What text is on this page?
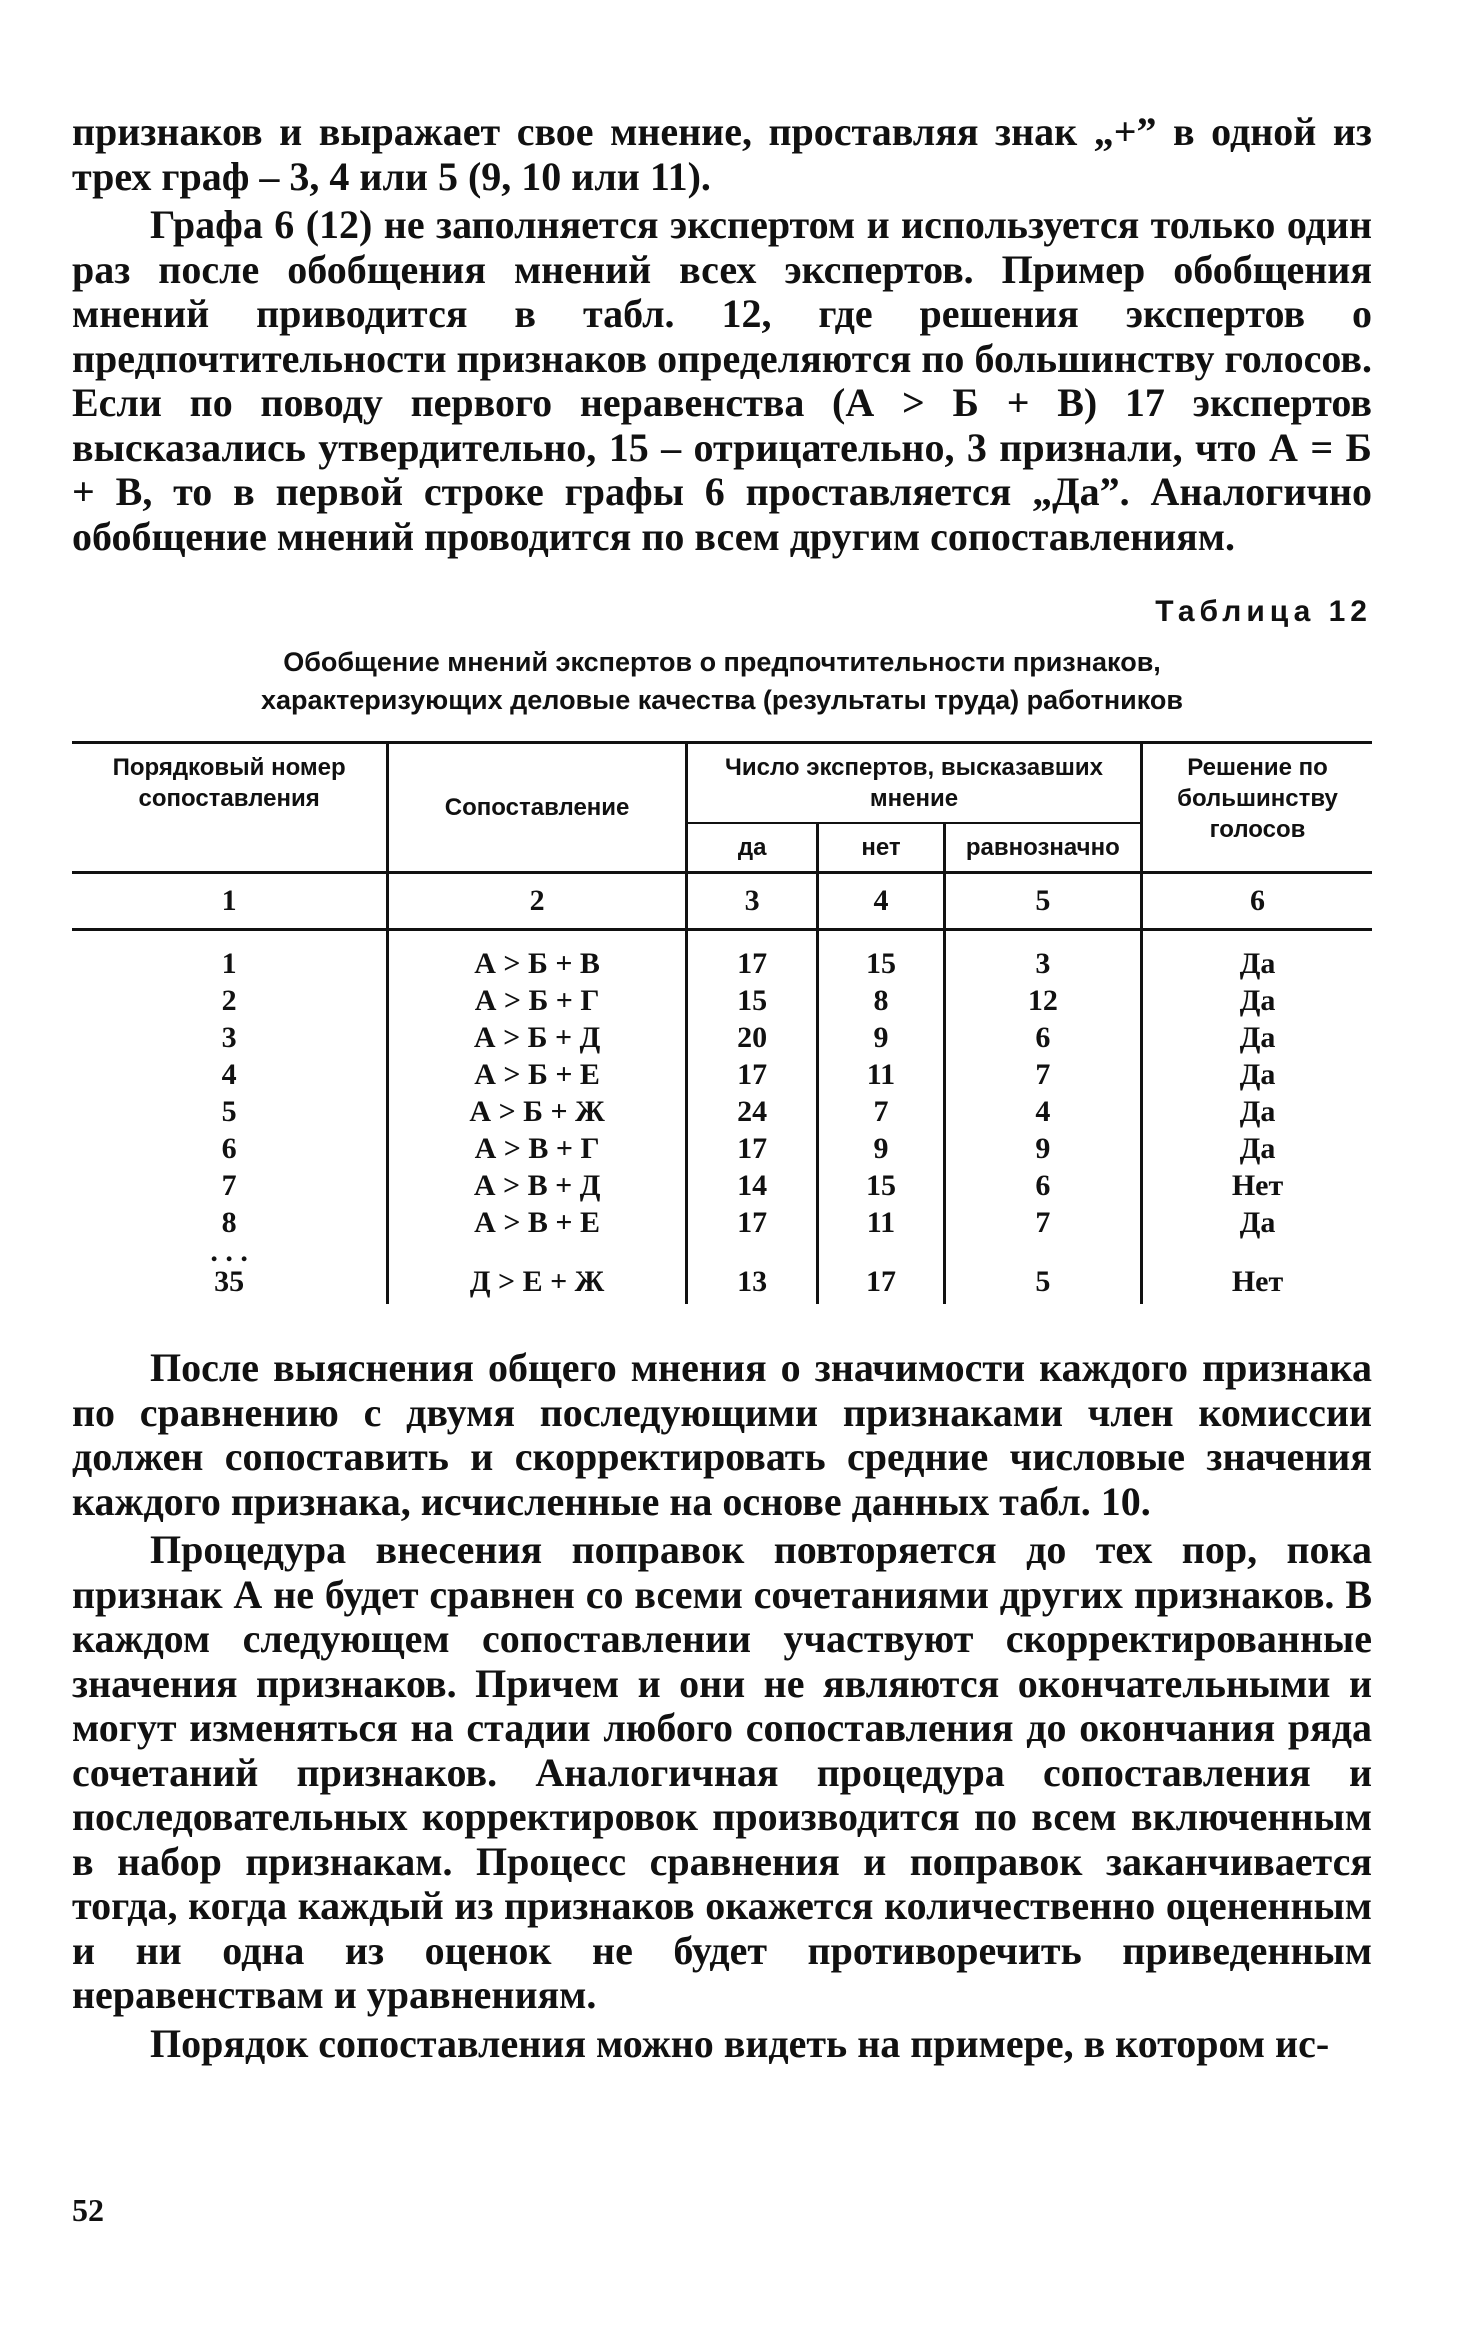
признаков и выражает свое мнение, проставляя знак „+” в одной из трех граф – 3, 4 или 5 (9, 10 или 11).

Графа 6 (12) не заполняется экспертом и используется только один раз после обобщения мнений всех экспертов. Пример обобщения мнений приводится в табл. 12, где решения экспертов о предпочтительности признаков определяются по большинству голосов. Если по поводу первого неравенства (А > Б + В) 17 экспертов высказались утвердительно, 15 – отрицательно, 3 признали, что А = Б + В, то в первой строке графы 6 проставляется „Да”. Аналогично обобщение мнений проводится по всем другим сопоставлениям.

Таблица 12
Обобщение мнений экспертов о предпочтительности признаков,
характеризующих деловые качества (результаты труда) работников
Порядковый номер сопоставления	Сопоставление	Число экспертов, высказавших мнение			Решение по большинству голосов
		да	нет	равнозначно	
1	2	3	4	5	6
1	А > Б + В	17	15	3	Да
2	А > Б + Г	15	8	12	Да
3	А > Б + Д	20	9	6	Да
4	А > Б + Е	17	11	7	Да
5	А > Б + Ж	24	7	4	Да
6	А > В + Г	17	9	9	Да
7	А > В + Д	14	15	6	Нет
8	А > В + Е	17	11	7	Да
. . .					
35	Д > Е + Ж	13	17	5	Нет

После выяснения общего мнения о значимости каждого признака по сравнению с двумя последующими признаками член комиссии должен сопоставить и скорректировать средние числовые значения каждого признака, исчисленные на основе данных табл. 10.

Процедура внесения поправок повторяется до тех пор, пока признак А не будет сравнен со всеми сочетаниями других признаков. В каждом следующем сопоставлении участвуют скорректированные значения признаков. Причем и они не являются окончательными и могут изменяться на стадии любого сопоставления до окончания ряда сочетаний признаков. Аналогичная процедура сопоставления и последовательных корректировок производится по всем включенным в набор признакам. Процесс сравнения и поправок заканчивается тогда, когда каждый из признаков окажется количественно оцененным и ни одна из оценок не будет противоречить приведенным неравенствам и уравнениям.

Порядок сопоставления можно видеть на примере, в котором ис-

52
